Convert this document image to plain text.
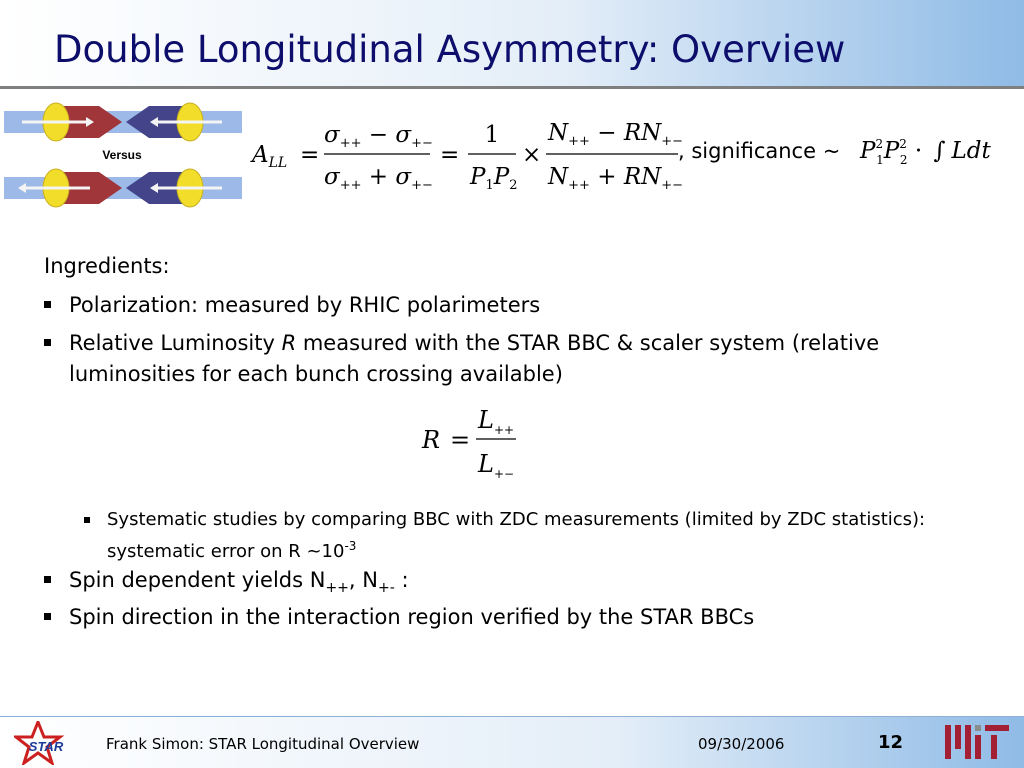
Double Longitudinal Asymmetry: Overview
Versus	$A_{LL}$ =
$\sigma_{++} - \sigma_{+-}$
$\sigma_{++} + \sigma_{+-}$
=
1
$P_1P_2$
×
$N_{++} - RN_{+-}$
$N_{++} + RN_{+-}$
, significance ~ $P^2$ $1P^2$ 2 · ∫ Ldt
Ingredients:
Polarization: measured by RHIC polarimeters
Relative Luminosity R measured with the STAR BBC & scaler system (relative luminosities for each bunch crossing available)
Systematic studies by comparing BBC with ZDC measurements (limited by ZDC statistics): systematic error on R $\sim 10^{-3}$
Spin dependent yields $N_{++}$, $N_{+-}$ :
Spin direction in the interaction region verified by the STAR BBCs
R =
$L_{++}$
$L_{+-}$
STAR	Frank Simon: STAR Longitudinal Overview	09/30/2006	12
